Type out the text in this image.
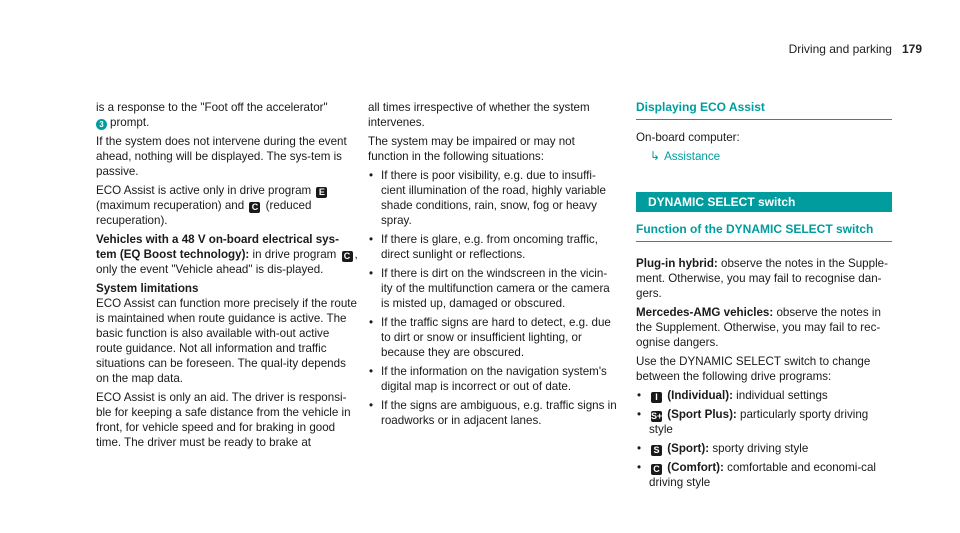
Driving and parking 179

is a response to the "Foot off the accelerator"
3 prompt.

If the system does not intervene during the event ahead, nothing will be displayed. The sys-tem is passive.

ECO Assist is active only in drive program E (maximum recuperation) and C (reduced recuperation).

Vehicles with a 48 V on-board electrical sys-tem (EQ Boost technology): in drive program C , only the event "Vehicle ahead" is dis-played.

System limitations
ECO Assist can function more precisely if the route is maintained when route guidance is active. The basic function is also available with-out active route guidance. Not all information and traffic situations can be foreseen. The qual-ity depends on the map data.

ECO Assist is only an aid. The driver is responsi-ble for keeping a safe distance from the vehicle in front, for vehicle speed and for braking in good time. The driver must be ready to brake at

all times irrespective of whether the system intervenes.

The system may be impaired or may not function in the following situations:

• If there is poor visibility, e.g. due to insuffi-cient illumination of the road, highly variable shade conditions, rain, snow, fog or heavy spray.
• If there is glare, e.g. from oncoming traffic, direct sunlight or reflections.
• If there is dirt on the windscreen in the vicin-ity of the multifunction camera or the camera is misted up, damaged or obscured.
• If the traffic signs are hard to detect, e.g. due to dirt or snow or insufficient lighting, or because they are obscured.
• If the information on the navigation system's digital map is incorrect or out of date.
• If the signs are ambiguous, e.g. traffic signs in roadworks or in adjacent lanes.
Displaying ECO Assist

On-board computer:

↳ Assistance
DYNAMIC SELECT switch
Function of the DYNAMIC SELECT switch

Plug-in hybrid: observe the notes in the Supple-ment. Otherwise, you may fail to recognise dan-gers.

Mercedes-AMG vehicles: observe the notes in the Supplement. Otherwise, you may fail to rec-ognise dangers.

Use the DYNAMIC SELECT switch to change between the following drive programs:

• I (Individual): individual settings
• S+ (Sport Plus): particularly sporty driving style
• S (Sport): sporty driving style
• C (Comfort): comfortable and economi-cal driving style
